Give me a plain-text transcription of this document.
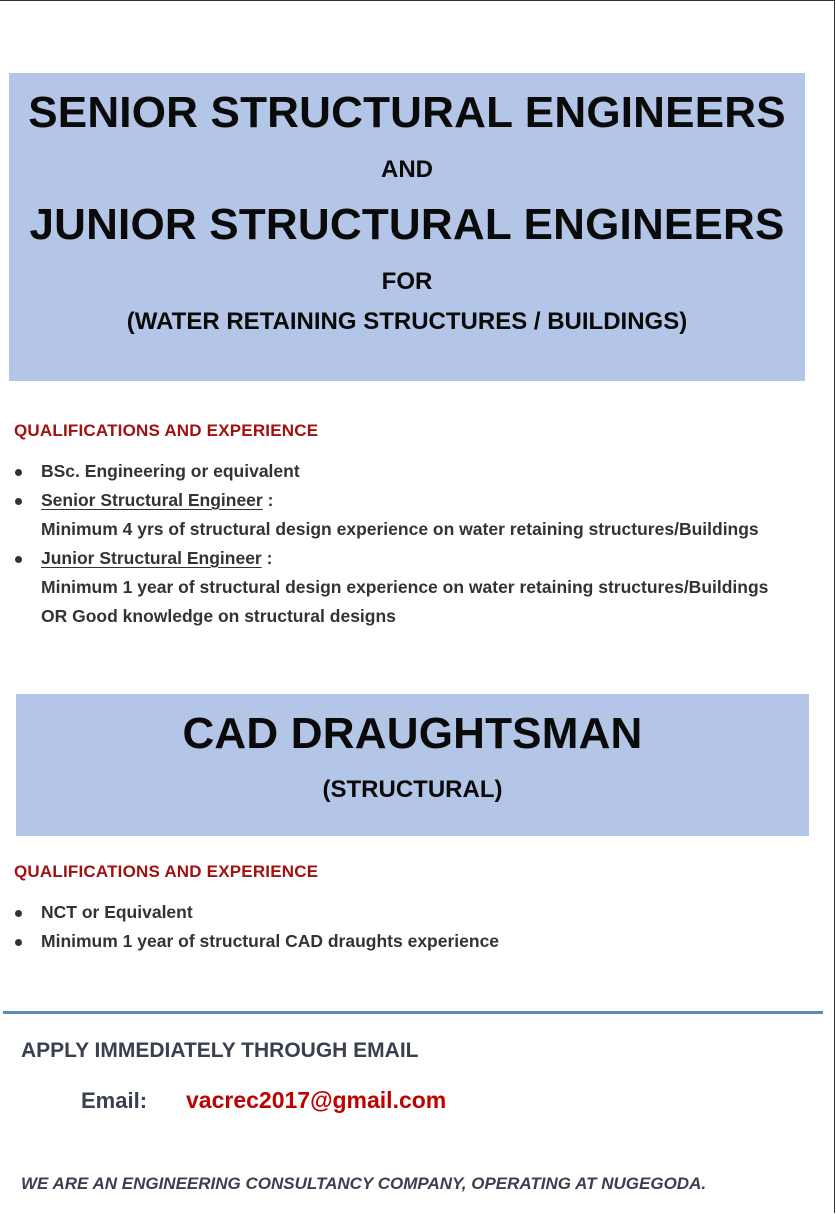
SENIOR STRUCTURAL ENGINEERS
AND
JUNIOR STRUCTURAL ENGINEERS
FOR
(WATER RETAINING STRUCTURES / BUILDINGS)
QUALIFICATIONS AND EXPERIENCE
BSc. Engineering or equivalent
Senior Structural Engineer :
Minimum 4 yrs of structural design experience on water retaining structures/Buildings
Junior Structural Engineer :
Minimum 1 year of structural design experience on water retaining structures/Buildings
OR Good knowledge on structural designs
CAD DRAUGHTSMAN
(STRUCTURAL)
QUALIFICATIONS AND EXPERIENCE
NCT or Equivalent
Minimum 1 year of structural CAD draughts experience
APPLY IMMEDIATELY THROUGH EMAIL
Email: vacrec2017@gmail.com
WE ARE AN ENGINEERING CONSULTANCY COMPANY, OPERATING AT NUGEGODA.
